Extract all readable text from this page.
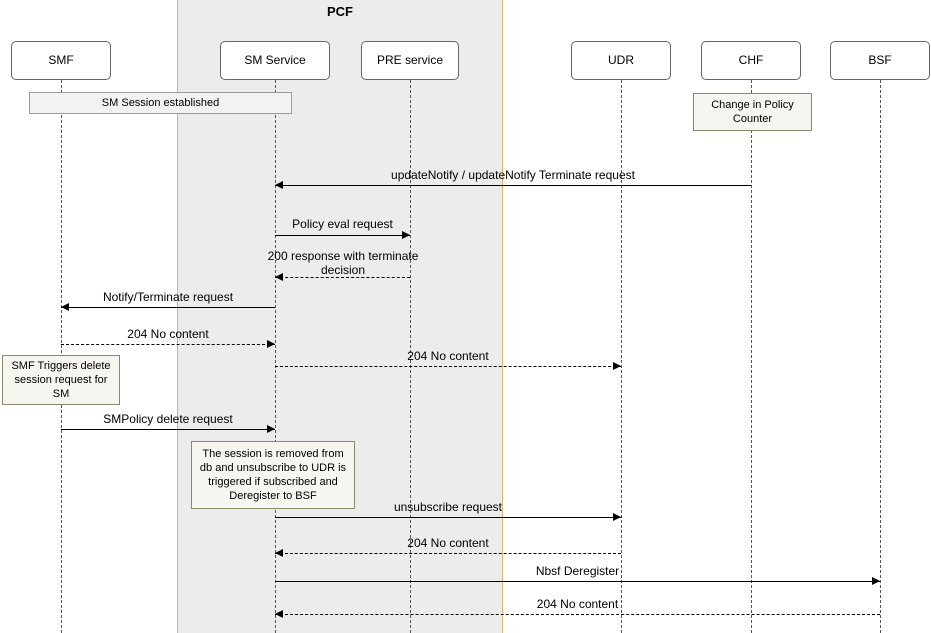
PCF
SMF	SM Service	PRE service	UDR	CHF	BSF
SM Session established	Change in Policy Counter
SMF Triggers delete session request for SM
The session is removed from db and unsubscribe to UDR is triggered if subscribed and Deregister to BSF
updateNotify / updateNotify Terminate request
Policy eval request
200 response with terminate decision
Notify/Terminate request
204 No content
204 No content
SMPolicy delete request
unsubscribe request
204 No content
Nbsf Deregister
204 No content
